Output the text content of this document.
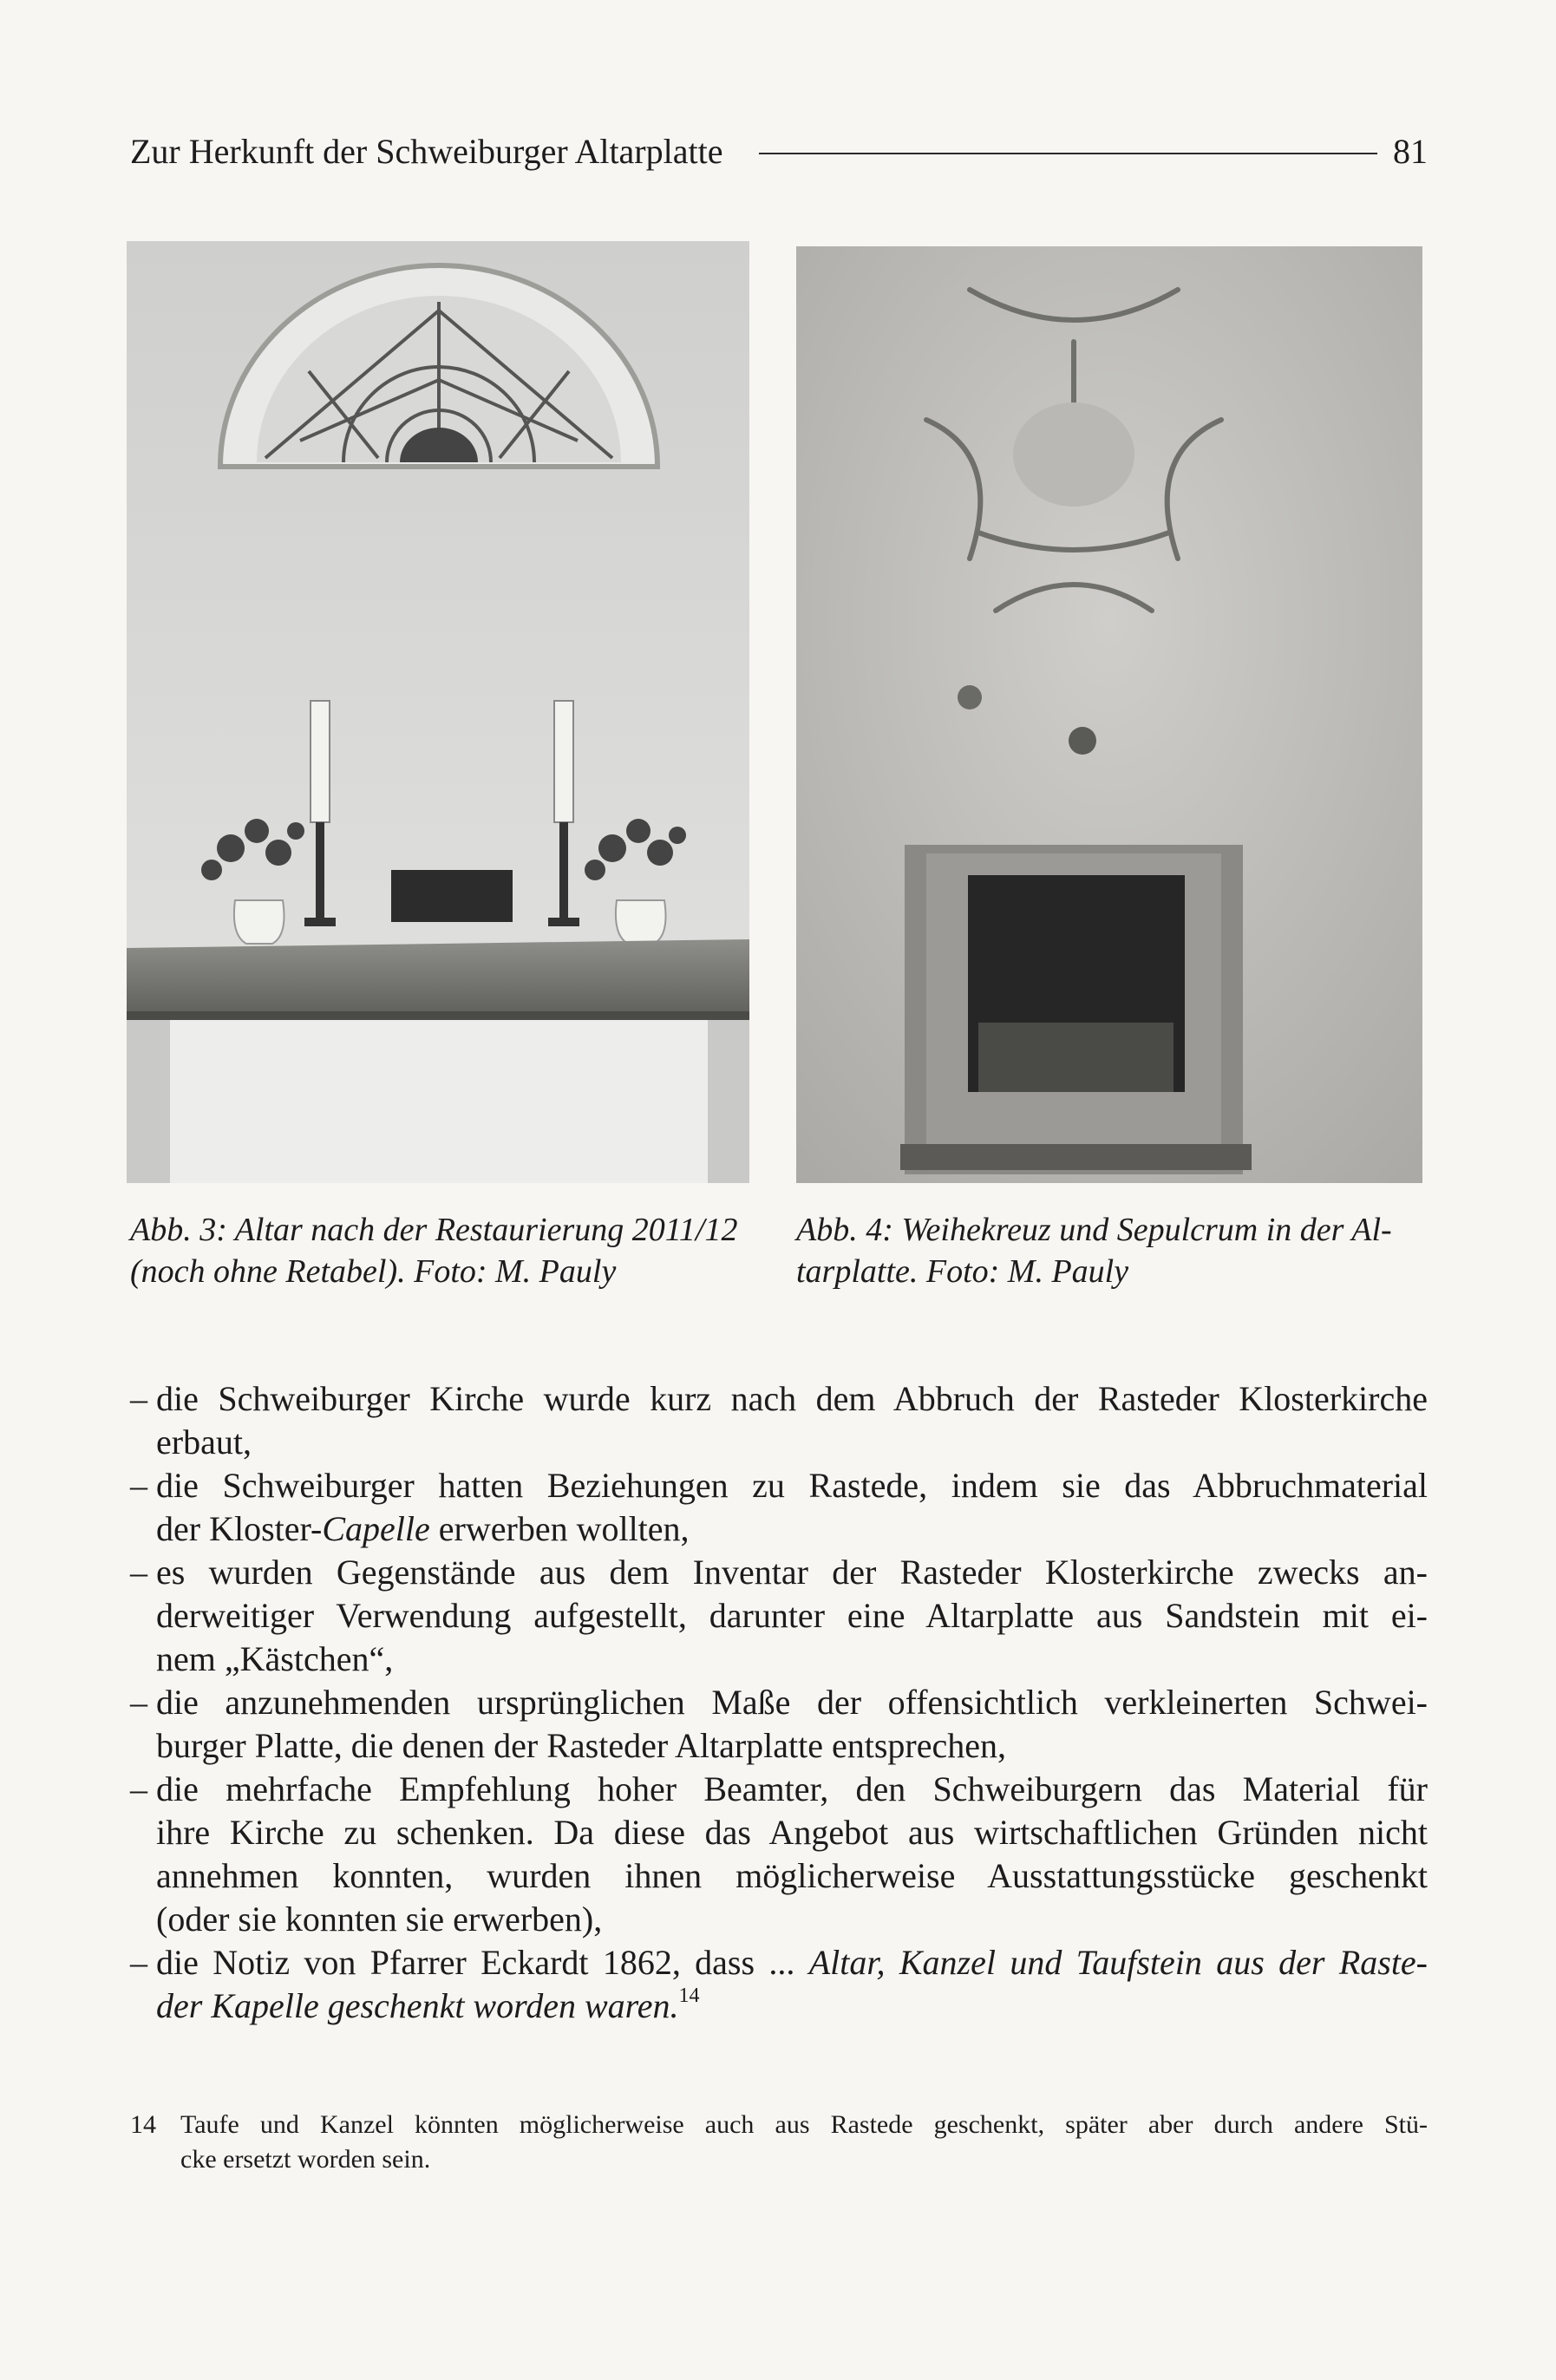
Zur Herkunft der Schweiburger Altarplatte	81
Abb. 3: Altar nach der Restaurierung 2011/12
(noch ohne Retabel). Foto: M. Pauly
Abb. 4: Weihekreuz und Sepulcrum in der Al-
tarplatte. Foto: M. Pauly
– die Schweiburger Kirche wurde kurz nach dem Abbruch der Rasteder Klosterkirche
erbaut,
– die Schweiburger hatten Beziehungen zu Rastede, indem sie das Abbruchmaterial
der Kloster-Capelle erwerben wollten,
– es wurden Gegenstände aus dem Inventar der Rasteder Klosterkirche zwecks an-
derweitiger Verwendung aufgestellt, darunter eine Altarplatte aus Sandstein mit ei-
nem „Kästchen“,
– die anzunehmenden ursprünglichen Maße der offensichtlich verkleinerten Schwei-
burger Platte, die denen der Rasteder Altarplatte entsprechen,
– die mehrfache Empfehlung hoher Beamter, den Schweiburgern das Material für
ihre Kirche zu schenken. Da diese das Angebot aus wirtschaftlichen Gründen nicht
annehmen konnten, wurden ihnen möglicherweise Ausstattungsstücke geschenkt
(oder sie konnten sie erwerben),
– die Notiz von Pfarrer Eckardt 1862, dass ... Altar, Kanzel und Taufstein aus der Raste-
der Kapelle geschenkt worden waren.$^{14}$
14 Taufe und Kanzel könnten möglicherweise auch aus Rastede geschenkt, später aber durch andere Stü-
cke ersetzt worden sein.
